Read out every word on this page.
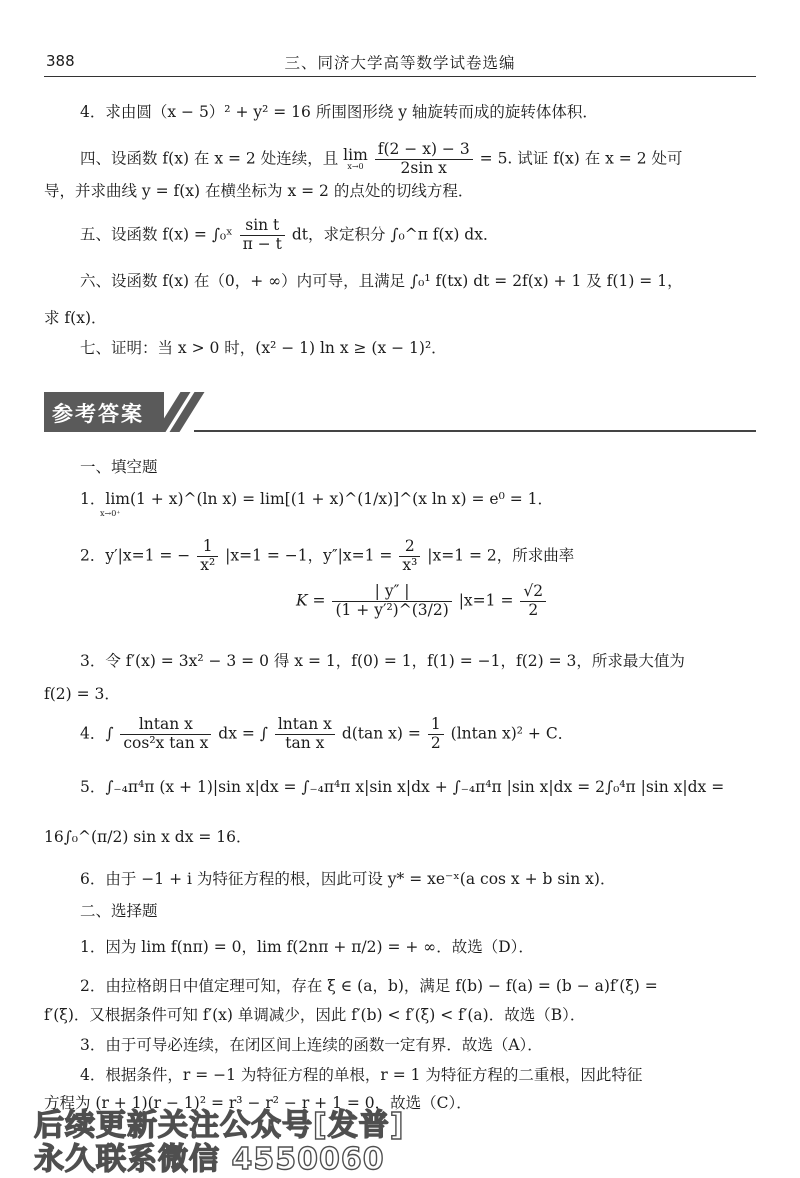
388	三、同济大学高等数学试卷选编
4．求由圆（x − 5）² + y² = 16 所围图形绕 y 轴旋转而成的旋转体体积．
四、设函数 f(x) 在 x = 2 处连续，且 lim
x→0
$\frac{f(2 - x) - 3}{\text{2sin x}} = 5$. 试证 f(x) 在 x = 2 处可
导，并求曲线 y = f(x) 在横坐标为 x = 2 的点处的切线方程．
五、设函数 f(x) = ∫₀ˣ $\frac{\text{sin t}}{\pi - t}$ dt，求定积分 ∫₀^π f(x) dx．
六、设函数 f(x) 在（0，+ ∞）内可导，且满足 ∫₀¹ f(tx) dt = 2f(x) + 1 及 f(1) = 1，
求 f(x)．
七、证明：当 x > 0 时，(x² − 1) ln x ≥ (x − 1)²．
参考答案
一、填空题
1．lim(1 + x)^(ln x) = lim[(1 + x)^(1/x)]^(x ln x) = e⁰ = 1．
x→0⁺
2．y′|x=1 = − $\frac{1}{\text{x²}} |x=1 = -1$，$y''|x=1 = \frac{2}{\text{x³}} |x=1 = 2$，所求曲率
$K = \frac{| y'' |}{\text{(1 + y′²)\textasciicircum{}(3/2)}} |x=1 = \frac{√2}{2}$
3．令 f′(x) = 3x² − 3 = 0 得 x = 1，f(0) = 1，f(1) = −1，f(2) = 3，所求最大值为
f(2) = 3．
4．∫ $\frac{\text{lntan x}}{\text{cos²x tan x}}$ dx = ∫ $\frac{\text{lntan x}}{\text{tan x}} d(\tan$ $x) = \frac{1}{2} (lntan$ x)² + C．
5．∫₋₄π⁴π (x + 1)|sin x|dx = ∫₋₄π⁴π x|sin x|dx + ∫₋₄π⁴π |sin x|dx = 2∫₀⁴π |sin x|dx =
16∫₀^(π/2) sin x dx = 16．
6．由于 −1 + i 为特征方程的根，因此可设 y* = xe⁻ˣ(a cos x + b sin x)．
二、选择题
1．因为 lim f(nπ) = 0，lim f(2nπ + π/2) = + ∞．故选（D）．
2．由拉格朗日中值定理可知，存在 ξ ∈ (a，b)，满足 f(b) − f(a) = (b − a)f′(ξ) =
f′(ξ)．又根据条件可知 f′(x) 单调减少，因此 f′(b) < f′(ξ) < f′(a)．故选（B）．
3．由于可导必连续，在闭区间上连续的函数一定有界．故选（A）．
4．根据条件，r = −1 为特征方程的单根，r = 1 为特征方程的二重根，因此特征
方程为 (r + 1)(r − 1)² = r³ − r² − r + 1 = 0．故选（C）．
后续更新关注公众号[发普]
永久联系微信 4550060
